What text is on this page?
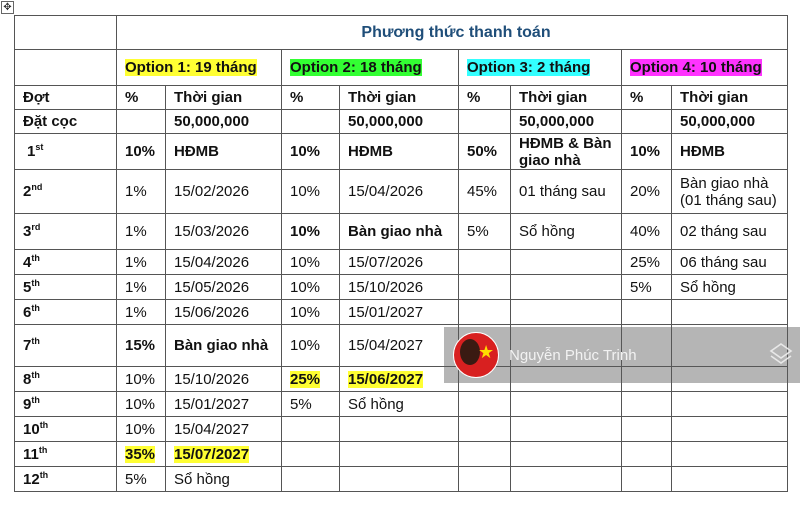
✥
	Phương thức thanh toán							
	Option 1: 19 tháng		Option 2: 18 tháng		Option 3: 2 tháng		Option 4: 10 tháng	
Đợt	%	Thời gian	%	Thời gian	%	Thời gian	%	Thời gian
Đặt cọc		50,000,000		50,000,000		50,000,000		50,000,000
1st	10%	HĐMB	10%	HĐMB	50%	HĐMB & Bàn giao nhà	10%	HĐMB
2nd	1%	15/02/2026	10%	15/04/2026	45%	01 tháng sau	20%	Bàn giao nhà
(01 tháng sau)

3rd	1%	15/03/2026	10%	Bàn giao nhà	5%	Sổ hồng	40%	02 tháng sau
4th	1%	15/04/2026	10%	15/07/2026			25%	06 tháng sau
5th	1%	15/05/2026	10%	15/10/2026			5%	Sổ hồng
6th	1%	15/06/2026	10%	15/01/2027				
7th	15%	Bàn giao nhà	10%	15/04/2027				
8th	10%	15/10/2026	25%	15/06/2027				
9th	10%	15/01/2027	5%	Sổ hồng				
10th	10%	15/04/2027						
11th	35%	15/07/2027						
12th	5%	Sổ hồng						
★ Nguyễn Phúc Trinh
